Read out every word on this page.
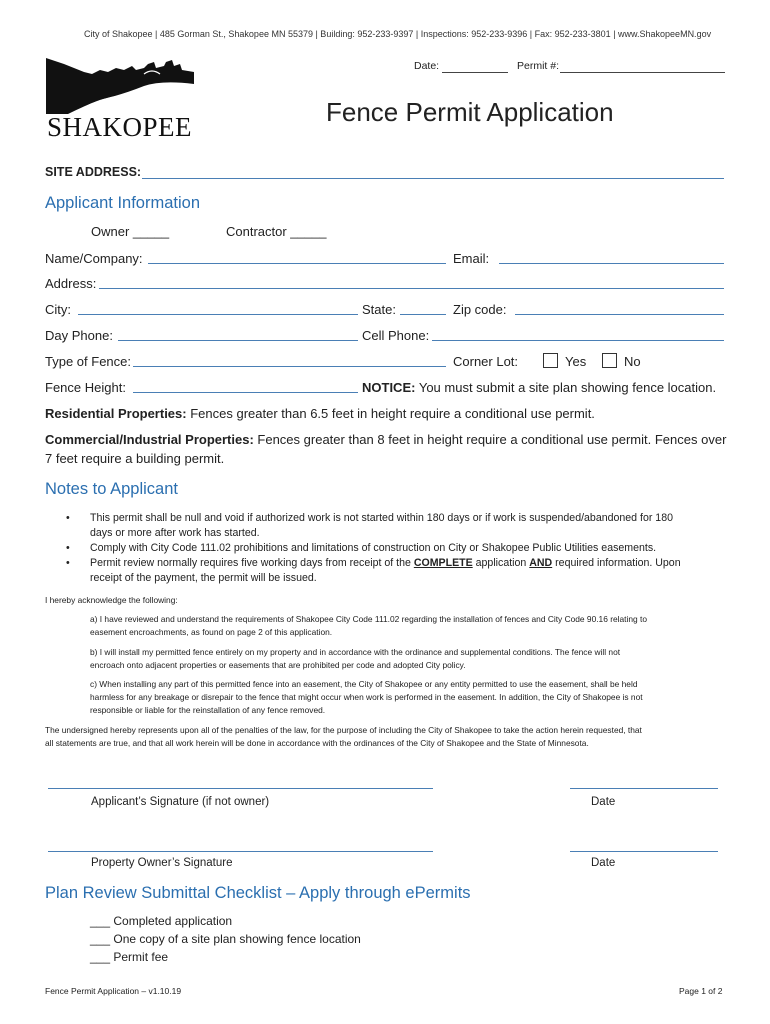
City of Shakopee | 485 Gorman St., Shakopee MN 55379 | Building: 952-233-9397 | Inspections: 952-233-9396 | Fax: 952-233-3801 | www.ShakopeeMN.gov
SHAKOPEE
Date:	Permit #:
Fence Permit Application
SITE ADDRESS:
Applicant Information
Owner _____	Contractor _____
Name/Company:	Email:
Address:
City:	State:	Zip code:
Day Phone:	Cell Phone:
Type of Fence:	Corner Lot:	Yes	No
Fence Height:	NOTICE: You must submit a site plan showing fence location.
Residential Properties: Fences greater than 6.5 feet in height require a conditional use permit.
Commercial/Industrial Properties: Fences greater than 8 feet in height require a conditional use permit. Fences over
7 feet require a building permit.
Notes to Applicant
• This permit shall be null and void if authorized work is not started within 180 days or if work is suspended/abandoned for 180
days or more after work has started.
• Comply with City Code 111.02 prohibitions and limitations of construction on City or Shakopee Public Utilities easements.
• Permit review normally requires five working days from receipt of the COMPLETE application AND required information. Upon
receipt of the payment, the permit will be issued.
I hereby acknowledge the following:
a) I have reviewed and understand the requirements of Shakopee City Code 111.02 regarding the installation of fences and City Code 90.16 relating to
easement encroachments, as found on page 2 of this application.
b) I will install my permitted fence entirely on my property and in accordance with the ordinance and supplemental conditions. The fence will not
encroach onto adjacent properties or easements that are prohibited per code and adopted City policy.
c) When installing any part of this permitted fence into an easement, the City of Shakopee or any entity permitted to use the easement, shall be held
harmless for any breakage or disrepair to the fence that might occur when work is performed in the easement. In addition, the City of Shakopee is not
responsible or liable for the reinstallation of any fence removed.
The undersigned hereby represents upon all of the penalties of the law, for the purpose of including the City of Shakopee to take the action herein requested, that
all statements are true, and that all work herein will be done in accordance with the ordinances of the City of Shakopee and the State of Minnesota.
Applicant’s Signature (if not owner)	Date
Property Owner’s Signature	Date
Plan Review Submittal Checklist – Apply through ePermits
___ Completed application
___ One copy of a site plan showing fence location
___ Permit fee
Fence Permit Application – v1.10.19	Page 1 of 2
